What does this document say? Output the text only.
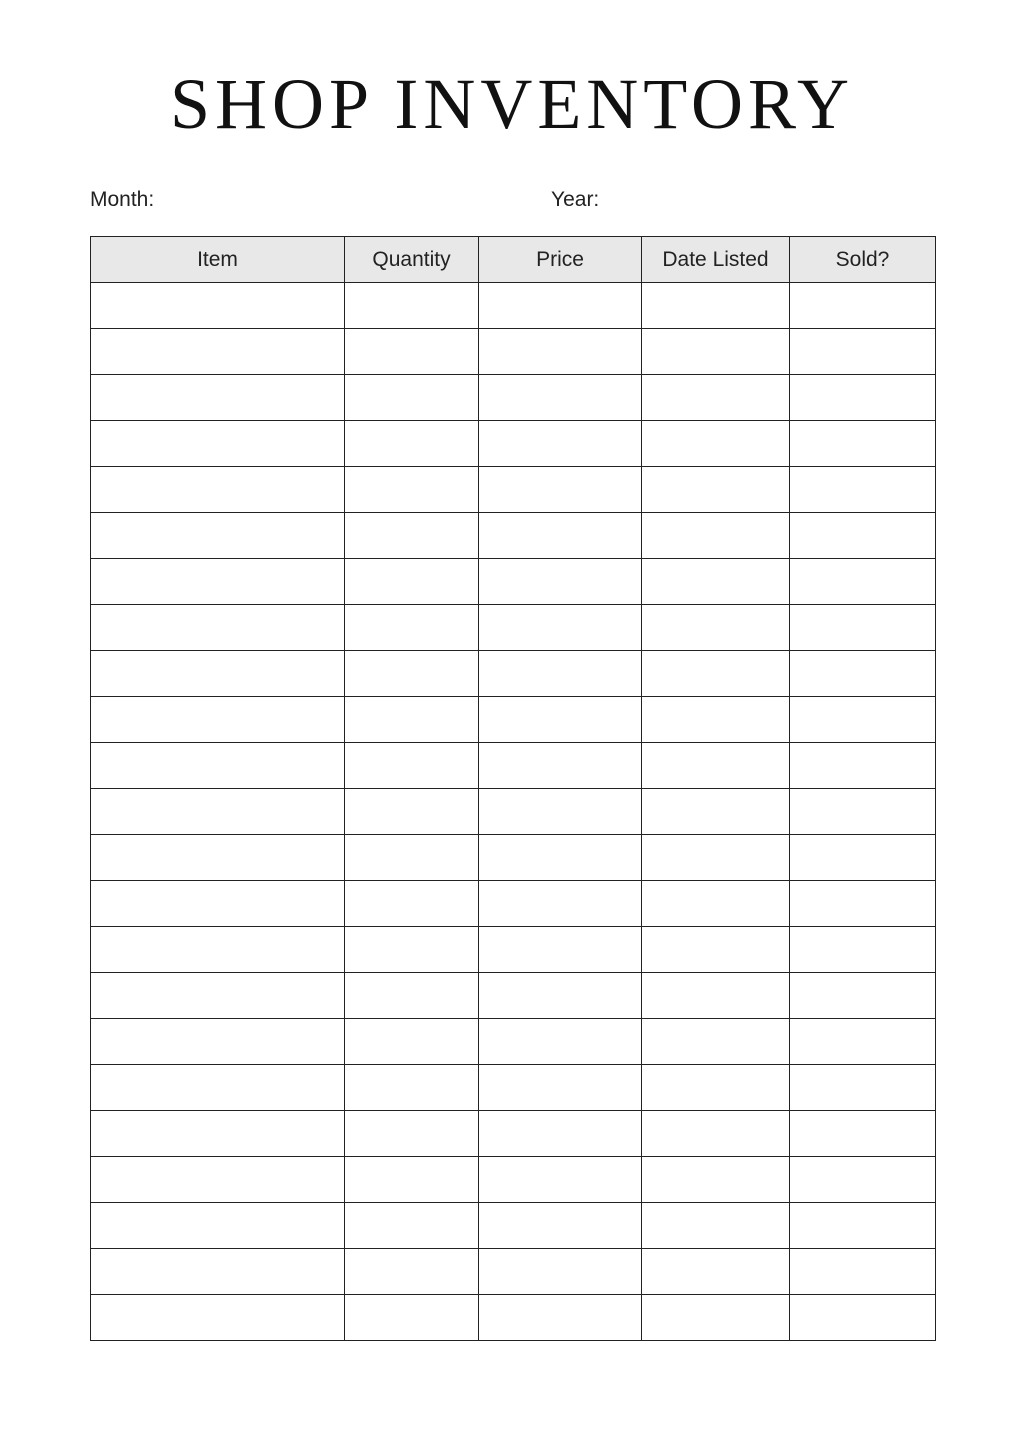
SHOP INVENTORY
Month:	Year:
Item	Quantity	Price	Date Listed	Sold?
